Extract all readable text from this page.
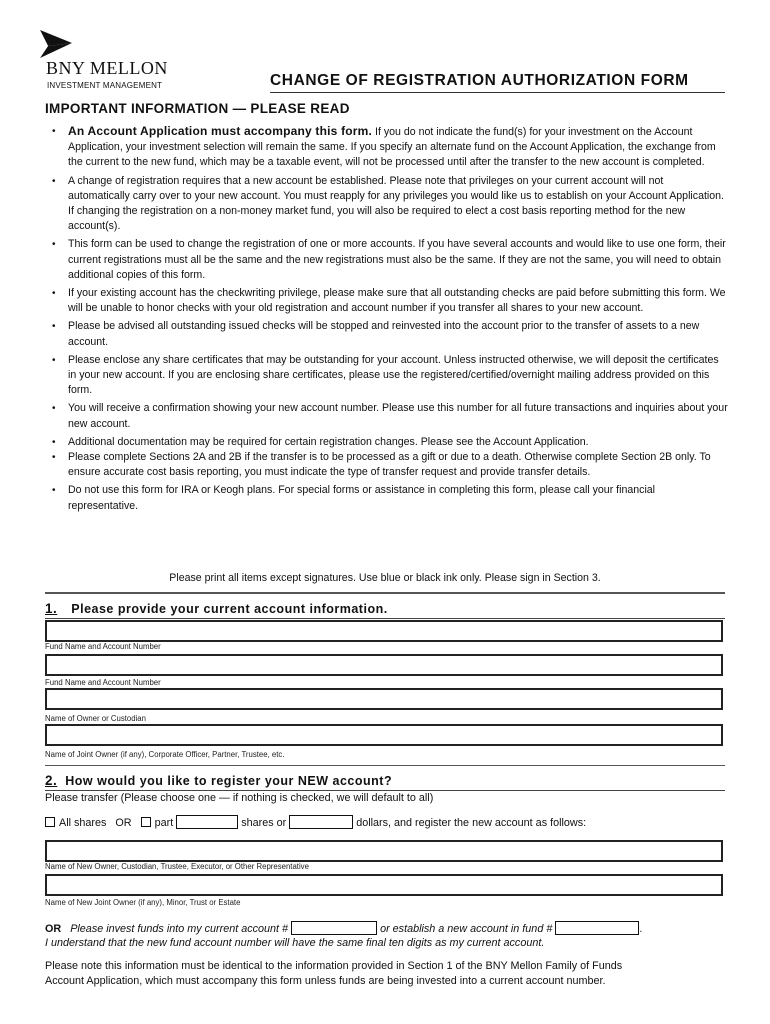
BNY MELLON
INVESTMENT MANAGEMENT	CHANGE OF REGISTRATION AUTHORIZATION FORM
IMPORTANT INFORMATION — PLEASE READ
• An Account Application must accompany this form. If you do not indicate the fund(s) for your investment on the Account Application, your investment selection will remain the same. If you specify an alternate fund on the Account Application, the exchange from the current to the new fund, which may be a taxable event, will not be processed until after the transfer to the new account is completed.
• A change of registration requires that a new account be established. Please note that privileges on your current account will not automatically carry over to your new account. You must reapply for any privileges you would like us to establish on your Account Application. If changing the registration on a non-money market fund, you will also be required to elect a cost basis reporting method for the new account(s).
• This form can be used to change the registration of one or more accounts. If you have several accounts and would like to use one form, their current registrations must all be the same and the new registrations must also be the same. If they are not the same, you will need to obtain additional copies of this form.
• If your existing account has the checkwriting privilege, please make sure that all outstanding checks are paid before submitting this form. We will be unable to honor checks with your old registration and account number if you transfer all shares to your new account.
• Please be advised all outstanding issued checks will be stopped and reinvested into the account prior to the transfer of assets to a new account.
• Please enclose any share certificates that may be outstanding for your account. Unless instructed otherwise, we will deposit the certificates in your new account. If you are enclosing share certificates, please use the registered/certified/overnight mailing address provided on this form.
• You will receive a confirmation showing your new account number. Please use this number for all future transactions and inquiries about your new account.
• Additional documentation may be required for certain registration changes. Please see the Account Application.
• Please complete Sections 2A and 2B if the transfer is to be processed as a gift or due to a death. Otherwise complete Section 2B only. To ensure accurate cost basis reporting, you must indicate the type of transfer request and provide transfer details.
• Do not use this form for IRA or Keogh plans. For special forms or assistance in completing this form, please call your financial representative.
Please print all items except signatures. Use blue or black ink only. Please sign in Section 3.
1. Please provide your current account information.
Fund Name and Account Number
Fund Name and Account Number
Name of Owner or Custodian
Name of Joint Owner (if any), Corporate Officer, Partner, Trustee, etc.
2. How would you like to register your NEW account?
Please transfer (Please choose one — if nothing is checked, we will default to all)
All shares OR part	shares or	dollars, and register the new account as follows:
Name of New Owner, Custodian, Trustee, Executor, or Other Representative
Name of New Joint Owner (if any), Minor, Trust or Estate
OR Please invest funds into my current account #	or establish a new account in fund #	.
I understand that the new fund account number will have the same final ten digits as my current account.
Please note this information must be identical to the information provided in Section 1 of the BNY Mellon Family of Funds
Account Application, which must accompany this form unless funds are being invested into a current account number.
